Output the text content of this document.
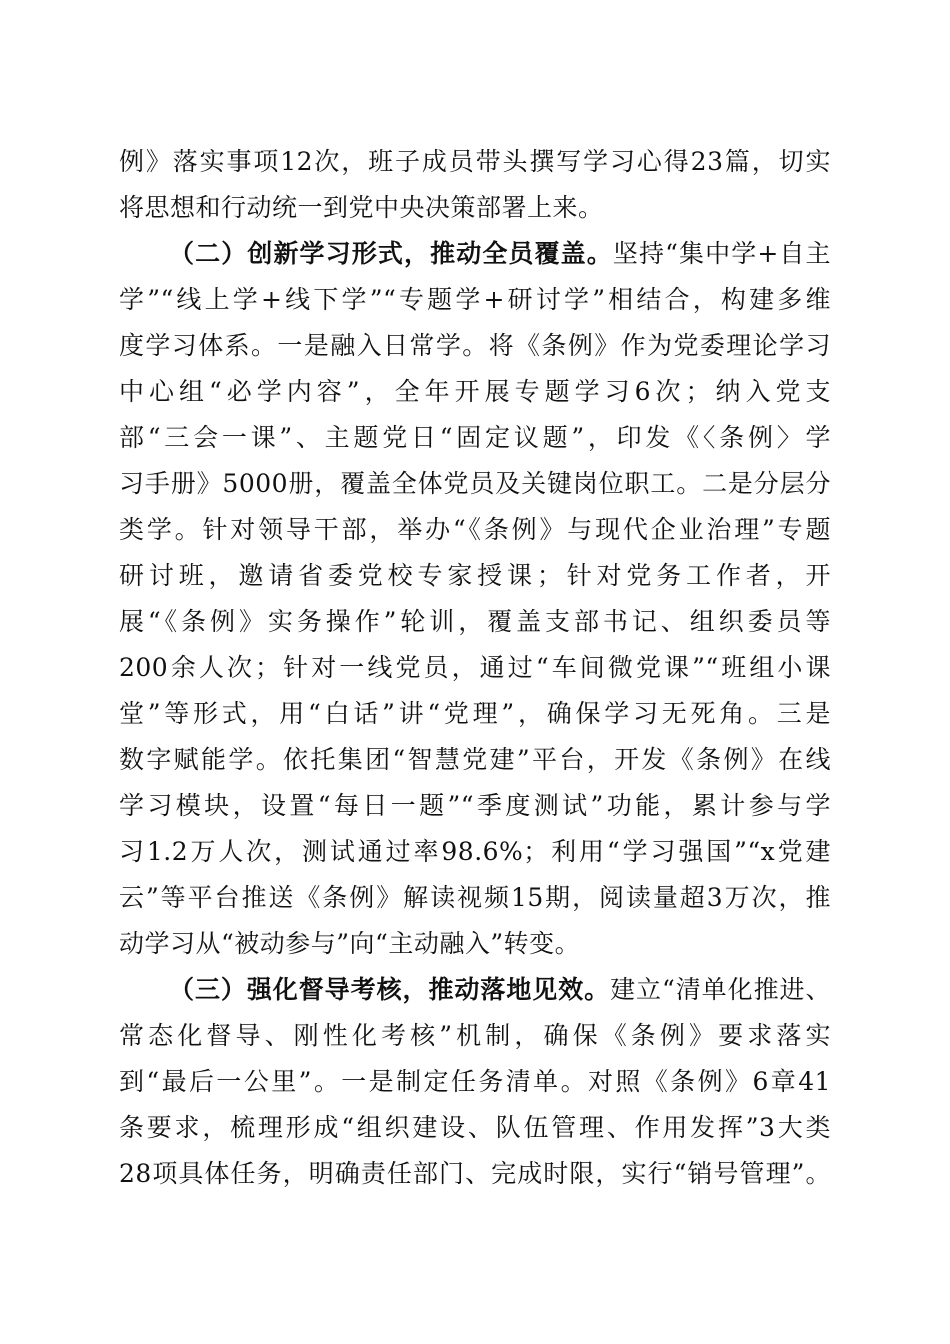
例》落实事项12次，班子成员带头撰写学习心得23篇，切实
将思想和行动统一到党中央决策部署上来。
（二）创新学习形式，推动全员覆盖。坚持“集中学+自主
学”“线上学+线下学”“专题学+研讨学”相结合，构建多维
度学习体系。一是融入日常学。将《条例》作为党委理论学习
中心组“必学内容”，全年开展专题学习6次；纳入党支
部“三会一课”、主题党日“固定议题”，印发《〈条例〉学
习手册》5000册，覆盖全体党员及关键岗位职工。二是分层分
类学。针对领导干部，举办“《条例》与现代企业治理”专题
研讨班，邀请省委党校专家授课；针对党务工作者，开
展“《条例》实务操作”轮训，覆盖支部书记、组织委员等
200余人次；针对一线党员，通过“车间微党课”“班组小课
堂”等形式，用“白话”讲“党理”，确保学习无死角。三是
数字赋能学。依托集团“智慧党建”平台，开发《条例》在线
学习模块，设置“每日一题”“季度测试”功能，累计参与学
习1.2万人次，测试通过率98.6%；利用“学习强国”“x党建
云”等平台推送《条例》解读视频15期，阅读量超3万次，推
动学习从“被动参与”向“主动融入”转变。
（三）强化督导考核，推动落地见效。建立“清单化推进、
常态化督导、刚性化考核”机制，确保《条例》要求落实
到“最后一公里”。一是制定任务清单。对照《条例》6章41
条要求，梳理形成“组织建设、队伍管理、作用发挥”3大类
28项具体任务，明确责任部门、完成时限，实行“销号管理”。
